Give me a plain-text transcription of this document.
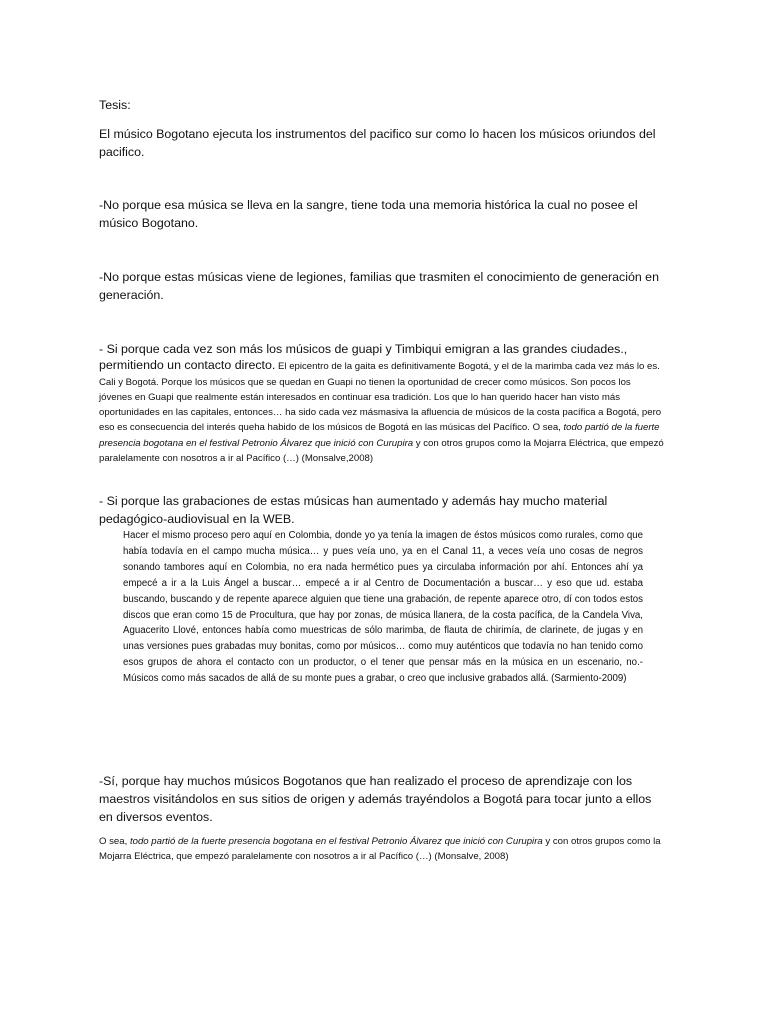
Tesis:

El músico Bogotano ejecuta los instrumentos del pacifico sur como lo hacen los músicos oriundos del pacifico.

-No porque esa música se lleva en la sangre, tiene toda una memoria histórica la cual no posee el músico Bogotano.

-No porque estas músicas viene de legiones, familias que trasmiten el conocimiento de generación en generación.

- Si porque cada vez son más los músicos de guapi y Timbiqui emigran a las grandes ciudades., permitiendo un contacto directo. El epicentro de la gaita es definitivamente Bogotá, y el de la marimba cada vez más lo es. Cali y Bogotá. Porque los músicos que se quedan en Guapi no tienen la oportunidad de crecer como músicos. Son pocos los jóvenes en Guapi que realmente están interesados en continuar esa tradición. Los que lo han querido hacer han visto más oportunidades en las capitales, entonces… ha sido cada vez másmasiva la afluencia de músicos de la costa pacífica a Bogotá, pero eso es consecuencia del interés queha habido de los músicos de Bogotá en las músicas del Pacífico. O sea, todo partió de la fuerte presencia bogotana en el festival Petronio Álvarez que inició con Curupira y con otros grupos como la Mojarra Eléctrica, que empezó paralelamente con nosotros a ir al Pacífico (…) (Monsalve,2008)

- Si porque las grabaciones de estas músicas han aumentado y además hay mucho material pedagógico-audiovisual en la WEB.

Hacer el mismo proceso pero aquí en Colombia, donde yo ya tenía la imagen de éstos músicos como rurales, como que había todavía en el campo mucha música… y pues veía uno, ya en el Canal 11, a veces veía uno cosas de negros sonando tambores aquí en Colombia, no era nada hermético pues ya circulaba información por ahí. Entonces ahí ya empecé a ir a la Luis Ángel a buscar… empecé a ir al Centro de Documentación a buscar… y eso que ud. estaba buscando, buscando y de repente aparece alguien que tiene una grabación, de repente aparece otro, dí con todos estos discos que eran como 15 de Procultura, que hay por zonas, de música llanera, de la costa pacífica, de la Candela Viva, Aguacerito Llové, entonces había como muestricas de sólo marimba, de flauta de chirimía, de clarinete, de jugas y en unas versiones pues grabadas muy bonitas, como por músicos… como muy auténticos que todavía no han tenido como esos grupos de ahora el contacto con un productor, o el tener que pensar más en la música en un escenario, no.- Músicos como más sacados de allá de su monte pues a grabar, o creo que inclusive grabados allá. (Sarmiento-2009)

-Sí, porque hay muchos músicos Bogotanos que han realizado el proceso de aprendizaje con los maestros visitándolos en sus sitios de origen y además trayéndolos a Bogotá para tocar junto a ellos en diversos eventos.

O sea, todo partió de la fuerte presencia bogotana en el festival Petronio Álvarez que inició con Curupira y con otros grupos como la Mojarra Eléctrica, que empezó paralelamente con nosotros a ir al Pacífico (…) (Monsalve, 2008)
